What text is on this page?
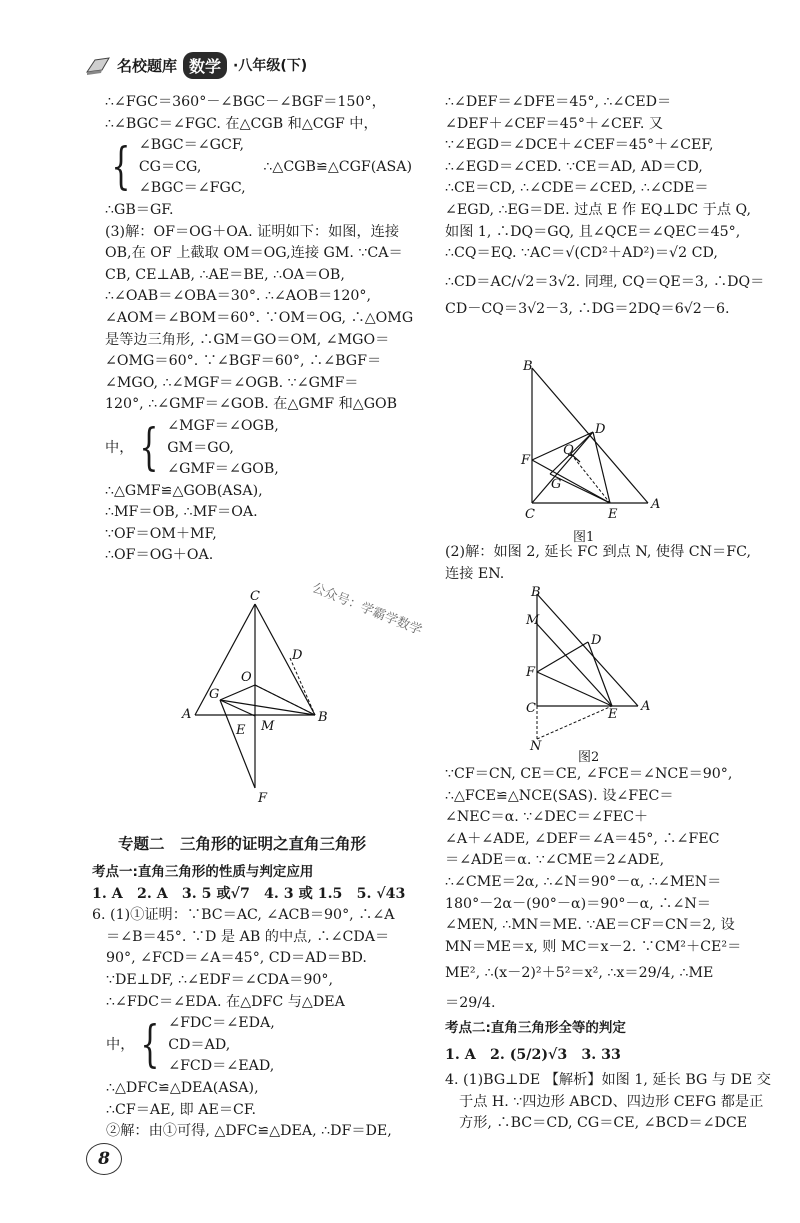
名校题库 数学 ·八年级(下)

∴∠FGC＝360°－∠BGC－∠BGF＝150°，

∴∠BGC＝∠FGC. 在△CGB 和△CGF 中，

{ ∠BGC＝∠GCF,

CG＝CG,	∴△CGB≌△CGF(ASA)

∠BGC＝∠FGC,

∴GB＝GF.

(3)解：OF＝OG＋OA. 证明如下：如图，连接

OB,在 OF 上截取 OM＝OG,连接 GM. ∵CA＝

CB, CE⊥AB, ∴AE＝BE, ∴OA＝OB,

∴∠OAB＝∠OBA＝30°. ∴∠AOB＝120°,

∠AOM＝∠BOM＝60°. ∵OM＝OG, ∴△OMG

是等边三角形, ∴GM＝GO＝OM, ∠MGO＝

∠OMG＝60°. ∵∠BGF＝60°, ∴∠BGF＝

∠MGO, ∴∠MGF＝∠OGB. ∵∠GMF＝

120°, ∴∠GMF＝∠GOB. 在△GMF 和△GOB

中， { ∠MGF＝∠OGB,

GM＝GO,

∠GMF＝∠GOB,

∴△GMF≌△GOB(ASA),

∴MF＝OB, ∴MF＝OA.

∵OF＝OM＋MF,

∴OF＝OG＋OA.

C
D
O
G
A
E M
B
F
公众号：学霸学数学
专题二　三角形的证明之直角三角形

考点一:直角三角形的性质与判定应用

1. A　2. A　3. 5 或√7　4. 3 或 1.5　5. √43

6. (1)①证明：∵BC＝AC, ∠ACB＝90°, ∴∠A

＝∠B＝45°. ∵D 是 AB 的中点, ∴∠CDA＝

90°, ∠FCD＝∠A＝45°, CD＝AD＝BD.

∵DE⊥DF, ∴∠EDF＝∠CDA＝90°,

∴∠FDC＝∠EDA. 在△DFC 与△DEA

中， { ∠FDC＝∠EDA,

CD＝AD,

∠FCD＝∠EAD,

∴△DFC≌△DEA(ASA),

∴CF＝AE, 即 AE＝CF.

②解：由①可得, △DFC≌△DEA, ∴DF＝DE,

8

∴∠DEF＝∠DFE＝45°, ∴∠CED＝

∠DEF＋∠CEF＝45°＋∠CEF. 又

∵∠EGD＝∠DCE＋∠CEF＝45°＋∠CEF,

∴∠EGD＝∠CED. ∵CE＝AD, AD＝CD,

∴CE＝CD, ∴∠CDE＝∠CED, ∴∠CDE＝

∠EGD, ∴EG＝DE. 过点 E 作 EQ⊥DC 于点 Q,

如图 1, ∴DQ＝GQ, 且∠QCE＝∠QEC＝45°,

∴CQ＝EQ. ∵AC＝√(CD²＋AD²)＝√2 CD,

∴CD＝AC/√2＝3√2. 同理, CQ＝QE＝3, ∴DQ＝

CD－CQ＝3√2－3, ∴DG＝2DQ＝6√2－6.

B
D
Q
F
G
C	E
A
图1

(2)解：如图 2, 延长 FC 到点 N, 使得 CN＝FC,

连接 EN.

B
M
D
F
C	E
A
N
图2

∵CF＝CN, CE＝CE, ∠FCE＝∠NCE＝90°,

∴△FCE≌△NCE(SAS). 设∠FEC＝

∠NEC＝α. ∵∠DEC＝∠FEC＋

∠A＋∠ADE, ∠DEF＝∠A＝45°, ∴∠FEC

＝∠ADE＝α. ∵∠CME＝2∠ADE,

∴∠CME＝2α, ∴∠N＝90°－α, ∴∠MEN＝

180°－2α－(90°－α)＝90°－α, ∴∠N＝

∠MEN, ∴MN＝ME. ∵AE＝CF＝CN＝2, 设

MN＝ME＝x, 则 MC＝x－2. ∵CM²＋CE²＝

ME², ∴(x－2)²＋5²＝x², ∴x＝29/4, ∴ME

＝29/4.

考点二:直角三角形全等的判定

1. A　2. (5/2)√3　3. 33

4. (1)BG⊥DE 【解析】如图 1, 延长 BG 与 DE 交

于点 H. ∵四边形 ABCD、四边形 CEFG 都是正

方形, ∴BC＝CD, CG＝CE, ∠BCD＝∠DCE
